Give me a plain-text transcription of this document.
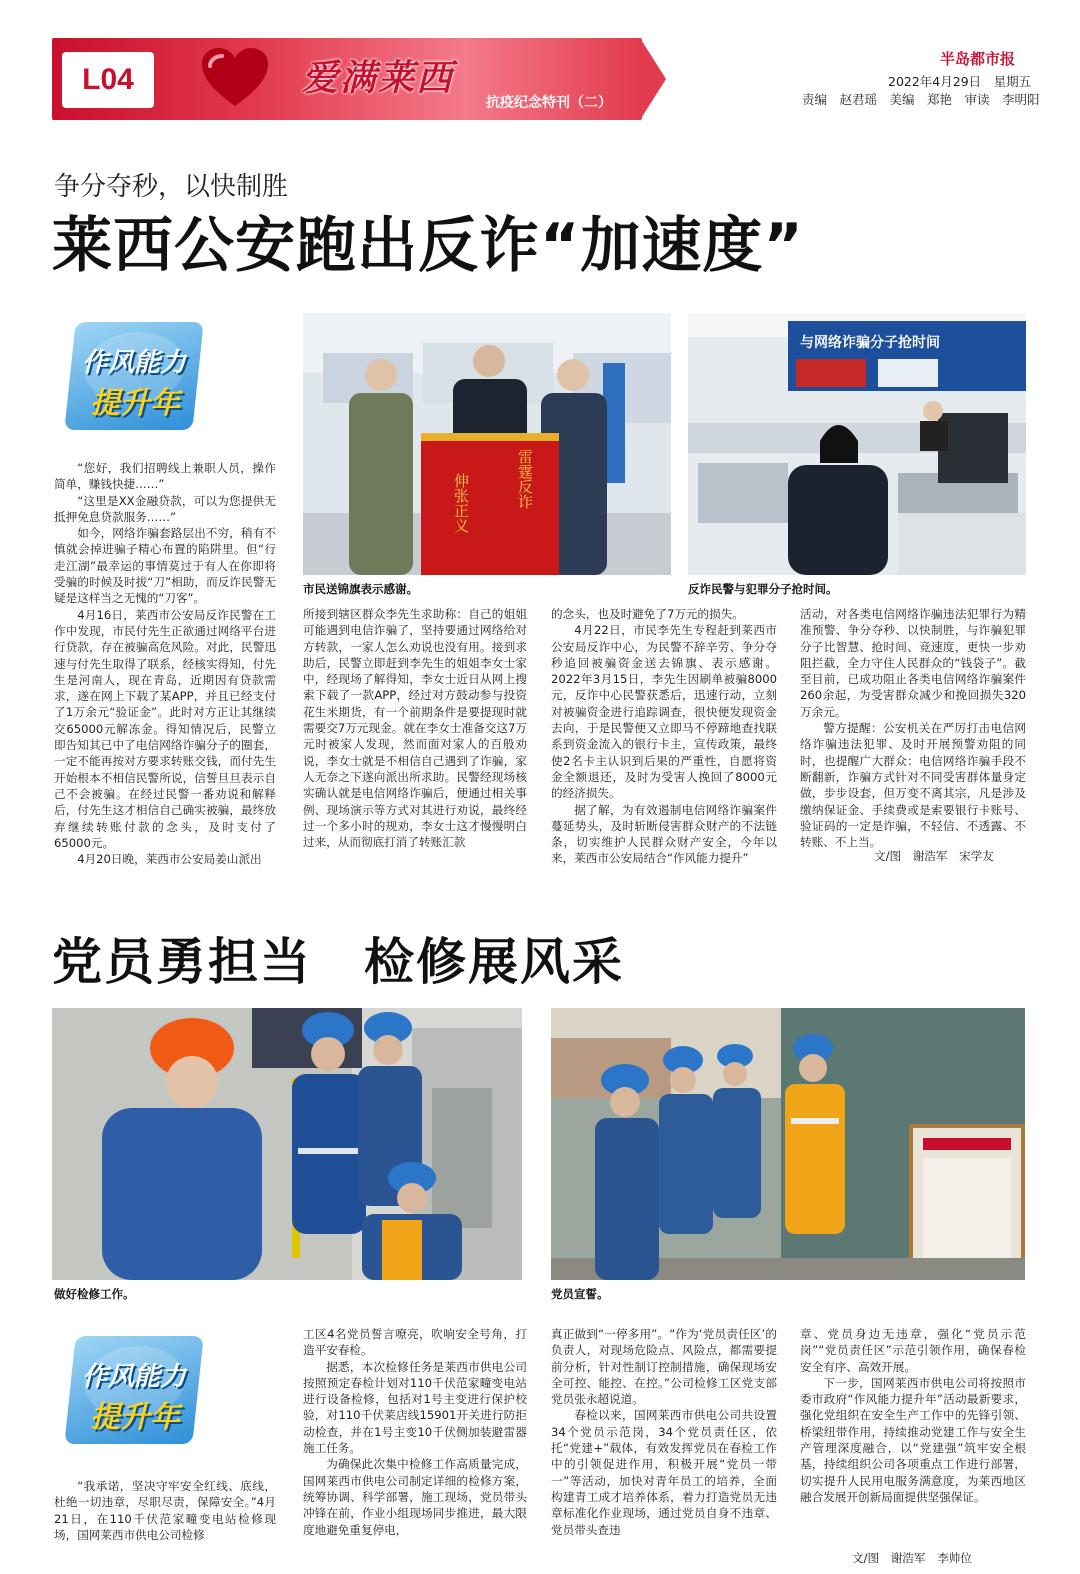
L04	爱满莱西
抗疫纪念特刊（二）
半岛都市报
2022年4月29日　星期五
责编　赵君瑶　美编　郑艳　审读　李明阳
争分夺秒，以快制胜
莱西公安跑出反诈“加速度”
作风能力
提升年
伸张正义	雷霆反诈
市民送锦旗表示感谢。
与网络诈骗分子抢时间
反诈民警与犯罪分子抢时间。

“您好，我们招聘线上兼职人员，操作简单，赚钱快捷……”

“这里是XX金融贷款，可以为您提供无抵押免息贷款服务……”

如今，网络诈骗套路层出不穷，稍有不慎就会掉进骗子精心布置的陷阱里。但“行走江湖”最幸运的事情莫过于有人在你即将受骗的时候及时拔“刀”相助，而反诈民警无疑是这样当之无愧的“刀客”。

4月16日，莱西市公安局反诈民警在工作中发现，市民付先生正欲通过网络平台进行贷款，存在被骗高危风险。对此，民警迅速与付先生取得了联系，经核实得知，付先生是河南人，现在青岛，近期因有贷款需求，遂在网上下载了某APP，并且已经支付了1万余元“验证金”。此时对方正让其继续交65000元解冻金。得知情况后，民警立即告知其已中了电信网络诈骗分子的圈套，一定不能再按对方要求转账交钱，而付先生开始根本不相信民警所说，信誓旦旦表示自己不会被骗。在经过民警一番劝说和解释后，付先生这才相信自己确实被骗，最终放弃继续转账付款的念头，及时支付了65000元。

4月20日晚，莱西市公安局姜山派出

所接到辖区群众李先生求助称：自己的姐姐可能遇到电信诈骗了，坚持要通过网络给对方转款，一家人怎么劝说也没有用。接到求助后，民警立即赶到李先生的姐姐李女士家中，经现场了解得知，李女士近日从网上搜索下载了一款APP，经过对方鼓动参与投资花生米期货，有一个前期条件是要提现时就需要交7万元现金。就在李女士准备交这7万元时被家人发现，然而面对家人的百般劝说，李女士就是不相信自己遇到了诈骗，家人无奈之下遂向派出所求助。民警经现场核实确认就是电信网络诈骗后，便通过相关事例、现场演示等方式对其进行劝说，最终经过一个多小时的规劝，李女士这才慢慢明白过来，从而彻底打消了转账汇款

的念头，也及时避免了7万元的损失。

4月22日，市民李先生专程赶到莱西市公安局反诈中心，为民警不辞辛劳、争分夺秒追回被骗资金送去锦旗、表示感谢。2022年3月15日，李先生因刷单被骗8000元，反诈中心民警获悉后，迅速行动，立刻对被骗资金进行追踪调查，很快便发现资金去向，于是民警便又立即马不停蹄地查找联系到资金流入的银行卡主，宣传政策，最终使2名卡主认识到后果的严重性，自愿将资金全额退还，及时为受害人挽回了8000元的经济损失。

据了解，为有效遏制电信网络诈骗案件蔓延势头，及时斩断侵害群众财产的不法链条，切实维护人民群众财产安全，今年以来，莱西市公安局结合“作风能力提升”

活动，对各类电信网络诈骗违法犯罪行为精准预警、争分夺秒、以快制胜，与诈骗犯罪分子比智慧、抢时间、竞速度，更快一步劝阻拦截，全力守住人民群众的“钱袋子”。截至目前，已成功阻止各类电信网络诈骗案件260余起，为受害群众减少和挽回损失320万余元。

警方提醒：公安机关在严厉打击电信网络诈骗违法犯罪、及时开展预警劝阻的同时，也提醒广大群众：电信网络诈骗手段不断翻新，诈骗方式针对不同受害群体量身定做，步步设套，但万变不离其宗，凡是涉及缴纳保证金、手续费或是索要银行卡账号、验证码的一定是诈骗，不轻信、不透露、不转账、不上当。

文/图　谢浩军　宋学友
党员勇担当　检修展风采
做好检修工作。	党员宣誓。
作风能力
提升年

“我承诺，坚决守牢安全红线、底线，杜绝一切违章，尽职尽责，保障安全。”4月21日，在110千伏范家疃变电站检修现场，国网莱西市供电公司检修

工区4名党员誓言嘹亮，吹响安全号角，打造平安春检。

据悉，本次检修任务是莱西市供电公司按照预定春检计划对110千伏范家疃变电站进行设备检修，包括对1号主变进行保护校验，对110千伏莱店线15901开关进行防拒动检查，并在1号主变10千伏侧加装避雷器施工任务。

为确保此次集中检修工作高质量完成，国网莱西市供电公司制定详细的检修方案，统筹协调、科学部署，施工现场，党员带头冲锋在前，作业小组现场同步推进，最大限度地避免重复停电，

真正做到“一停多用”。“作为‘党员责任区’的负责人，对现场危险点、风险点，都需要提前分析，针对性制订控制措施，确保现场安全可控、能控、在控。”公司检修工区党支部党员张永超说道。

春检以来，国网莱西市供电公司共设置34个党员示范岗，34个党员责任区，依托“党建+”载体，有效发挥党员在春检工作中的引领促进作用，积极开展“党员一带一”等活动，加快对青年员工的培养，全面构建青工成才培养体系，着力打造党员无违章标准化作业现场，通过党员自身不违章、党员带头查违

章、党员身边无违章，强化“党员示范岗”“党员责任区”示范引领作用，确保春检安全有序、高效开展。

下一步，国网莱西市供电公司将按照市委市政府“作风能力提升年”活动最新要求，强化党组织在安全生产工作中的先锋引领、桥梁纽带作用，持续推动党建工作与安全生产管理深度融合，以“党建强”筑牢安全根基，持续组织公司各项重点工作进行部署，切实提升人民用电服务满意度，为莱西地区融合发展开创新局面提供坚强保证。

文/图　谢浩军　李帅位
